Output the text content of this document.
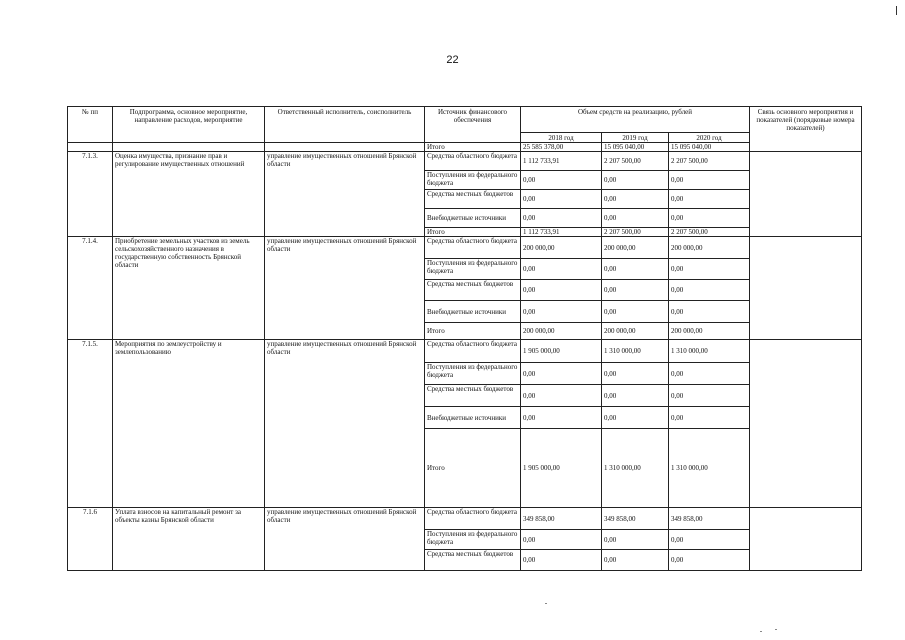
22
№ пп	Подпрограмма, основное мероприятие, направление расходов, мероприятие	Ответственный исполнитель, соисполнитель	Источник финансового обеспечения	Объем средств на реализацию, рублей			Связь основного мероприятия и показателей (порядковые номера показателей)
				2018 год	2019 год	2020 год	
			Итого	25 585 378,00	15 095 040,00	15 095 040,00	
7.1.3.	Оценка имущества, признание прав и регулирование имущественных отношений	управление имущественных отношений Брянской области	Средства областного бюджета	1 112 733,91	2 207 500,00	2 207 500,00	
			Поступления из федерального бюджета	0,00	0,00	0,00	
			Средства местных бюджетов	0,00	0,00	0,00	
			Внебюджетные источники	0,00	0,00	0,00	
			Итого	1 112 733,91	2 207 500,00	2 207 500,00	
7.1.4.	Приобретение земельных участков из земель сельскохозяйственного назначения в государственную собственность Брянской области	управление имущественных отношений Брянской области	Средства областного бюджета	200 000,00	200 000,00	200 000,00	
			Поступления из федерального бюджета	0,00	0,00	0,00	
			Средства местных бюджетов	0,00	0,00	0,00	
			Внебюджетные источники	0,00	0,00	0,00	
			Итого	200 000,00	200 000,00	200 000,00	
7.1.5.	Мероприятия по землеустройству и землепользованию	управление имущественных отношений Брянской области	Средства областного бюджета	1 905 000,00	1 310 000,00	1 310 000,00	
			Поступления из федерального бюджета	0,00	0,00	0,00	
			Средства местных бюджетов	0,00	0,00	0,00	
			Внебюджетные источники	0,00	0,00	0,00	
			Итого	1 905 000,00	1 310 000,00	1 310 000,00	
7.1.6	Уплата взносов на капитальный ремонт за объекты казны Брянской области	управление имущественных отношений Брянской области	Средства областного бюджета	349 858,00	349 858,00	349 858,00	
			Поступления из федерального бюджета	0,00	0,00	0,00	
			Средства местных бюджетов	0,00	0,00	0,00	
